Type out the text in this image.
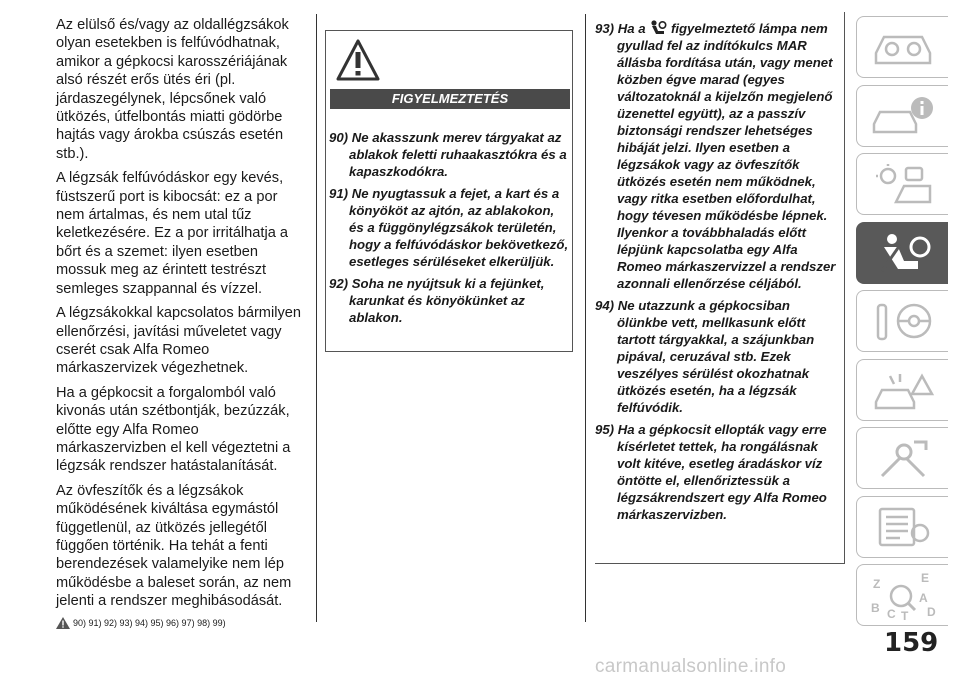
Az elülső és/vagy az oldallégzsákok olyan esetekben is felfúvódhatnak, amikor a gépkocsi karosszériájának alsó részét erős ütés éri (pl. járdaszegélynek, lépcsőnek való ütközés, útfelbontás miatti gödörbe hajtás vagy árokba csúszás esetén stb.).

A légzsák felfúvódáskor egy kevés, füstszerű port is kibocsát: ez a por nem ártalmas, és nem utal tűz keletkezésére. Ez a por irritálhatja a bőrt és a szemet: ilyen esetben mossuk meg az érintett testrészt semleges szappannal és vízzel.

A légzsákokkal kapcsolatos bármilyen ellenőrzési, javítási műveletet vagy cserét csak Alfa Romeo márkaszervizek végezhetnek.

Ha a gépkocsit a forgalomból való kivonás után szétbontják, bezúzzák, előtte egy Alfa Romeo márkaszervizben el kell végeztetni a légzsák rendszer hatástalanítását.

Az övfeszítők és a légzsákok működésének kiváltása egymástól függetlenül, az ütközés jellegétől függően történik. Ha tehát a fenti berendezések valamelyike nem lép működésbe a baleset során, az nem jelenti a rendszer meghibásodását.

90) 91) 92) 93) 94) 95) 96) 97) 98) 99)
FIGYELMEZTETÉS
90) Ne akasszunk merev tárgyakat az ablakok feletti ruhaakasztókra és a kapaszkodókra.
91) Ne nyugtassuk a fejet, a kart és a könyököt az ajtón, az ablakokon, és a függönylégzsákok területén, hogy a felfúvódáskor bekövetkező, esetleges sérüléseket elkerüljük.
92) Soha ne nyújtsuk ki a fejünket, karunkat és könyökünket az ablakon.
93) Ha a figyelmeztető lámpa nem gyullad fel az indítókulcs MAR állásba fordítása után, vagy menet közben égve marad (egyes változatoknál a kijelzőn megjelenő üzenettel együtt), az a passzív biztonsági rendszer lehetséges hibáját jelzi. Ilyen esetben a légzsákok vagy az övfeszítők ütközés esetén nem működnek, vagy ritka esetben előfordulhat, hogy tévesen működésbe lépnek. Ilyenkor a továbbhaladás előtt lépjünk kapcsolatba egy Alfa Romeo márkaszervizzel a rendszer azonnali ellenőrzése céljából.
94) Ne utazzunk a gépkocsiban ölünkbe vett, mellkasunk előtt tartott tárgyakkal, a szájunkban pipával, ceruzával stb. Ezek veszélyes sérülést okozhatnak ütközés esetén, ha a légzsák felfúvódik.
95) Ha a gépkocsit ellopták vagy erre kísérletet tettek, ha rongálásnak volt kitéve, esetleg áradáskor víz öntötte el, ellenőriztessük a légzsákrendszert egy Alfa Romeo márkaszervizben.
Z	E
B
A
C T D
159
carmanualsonline.info
